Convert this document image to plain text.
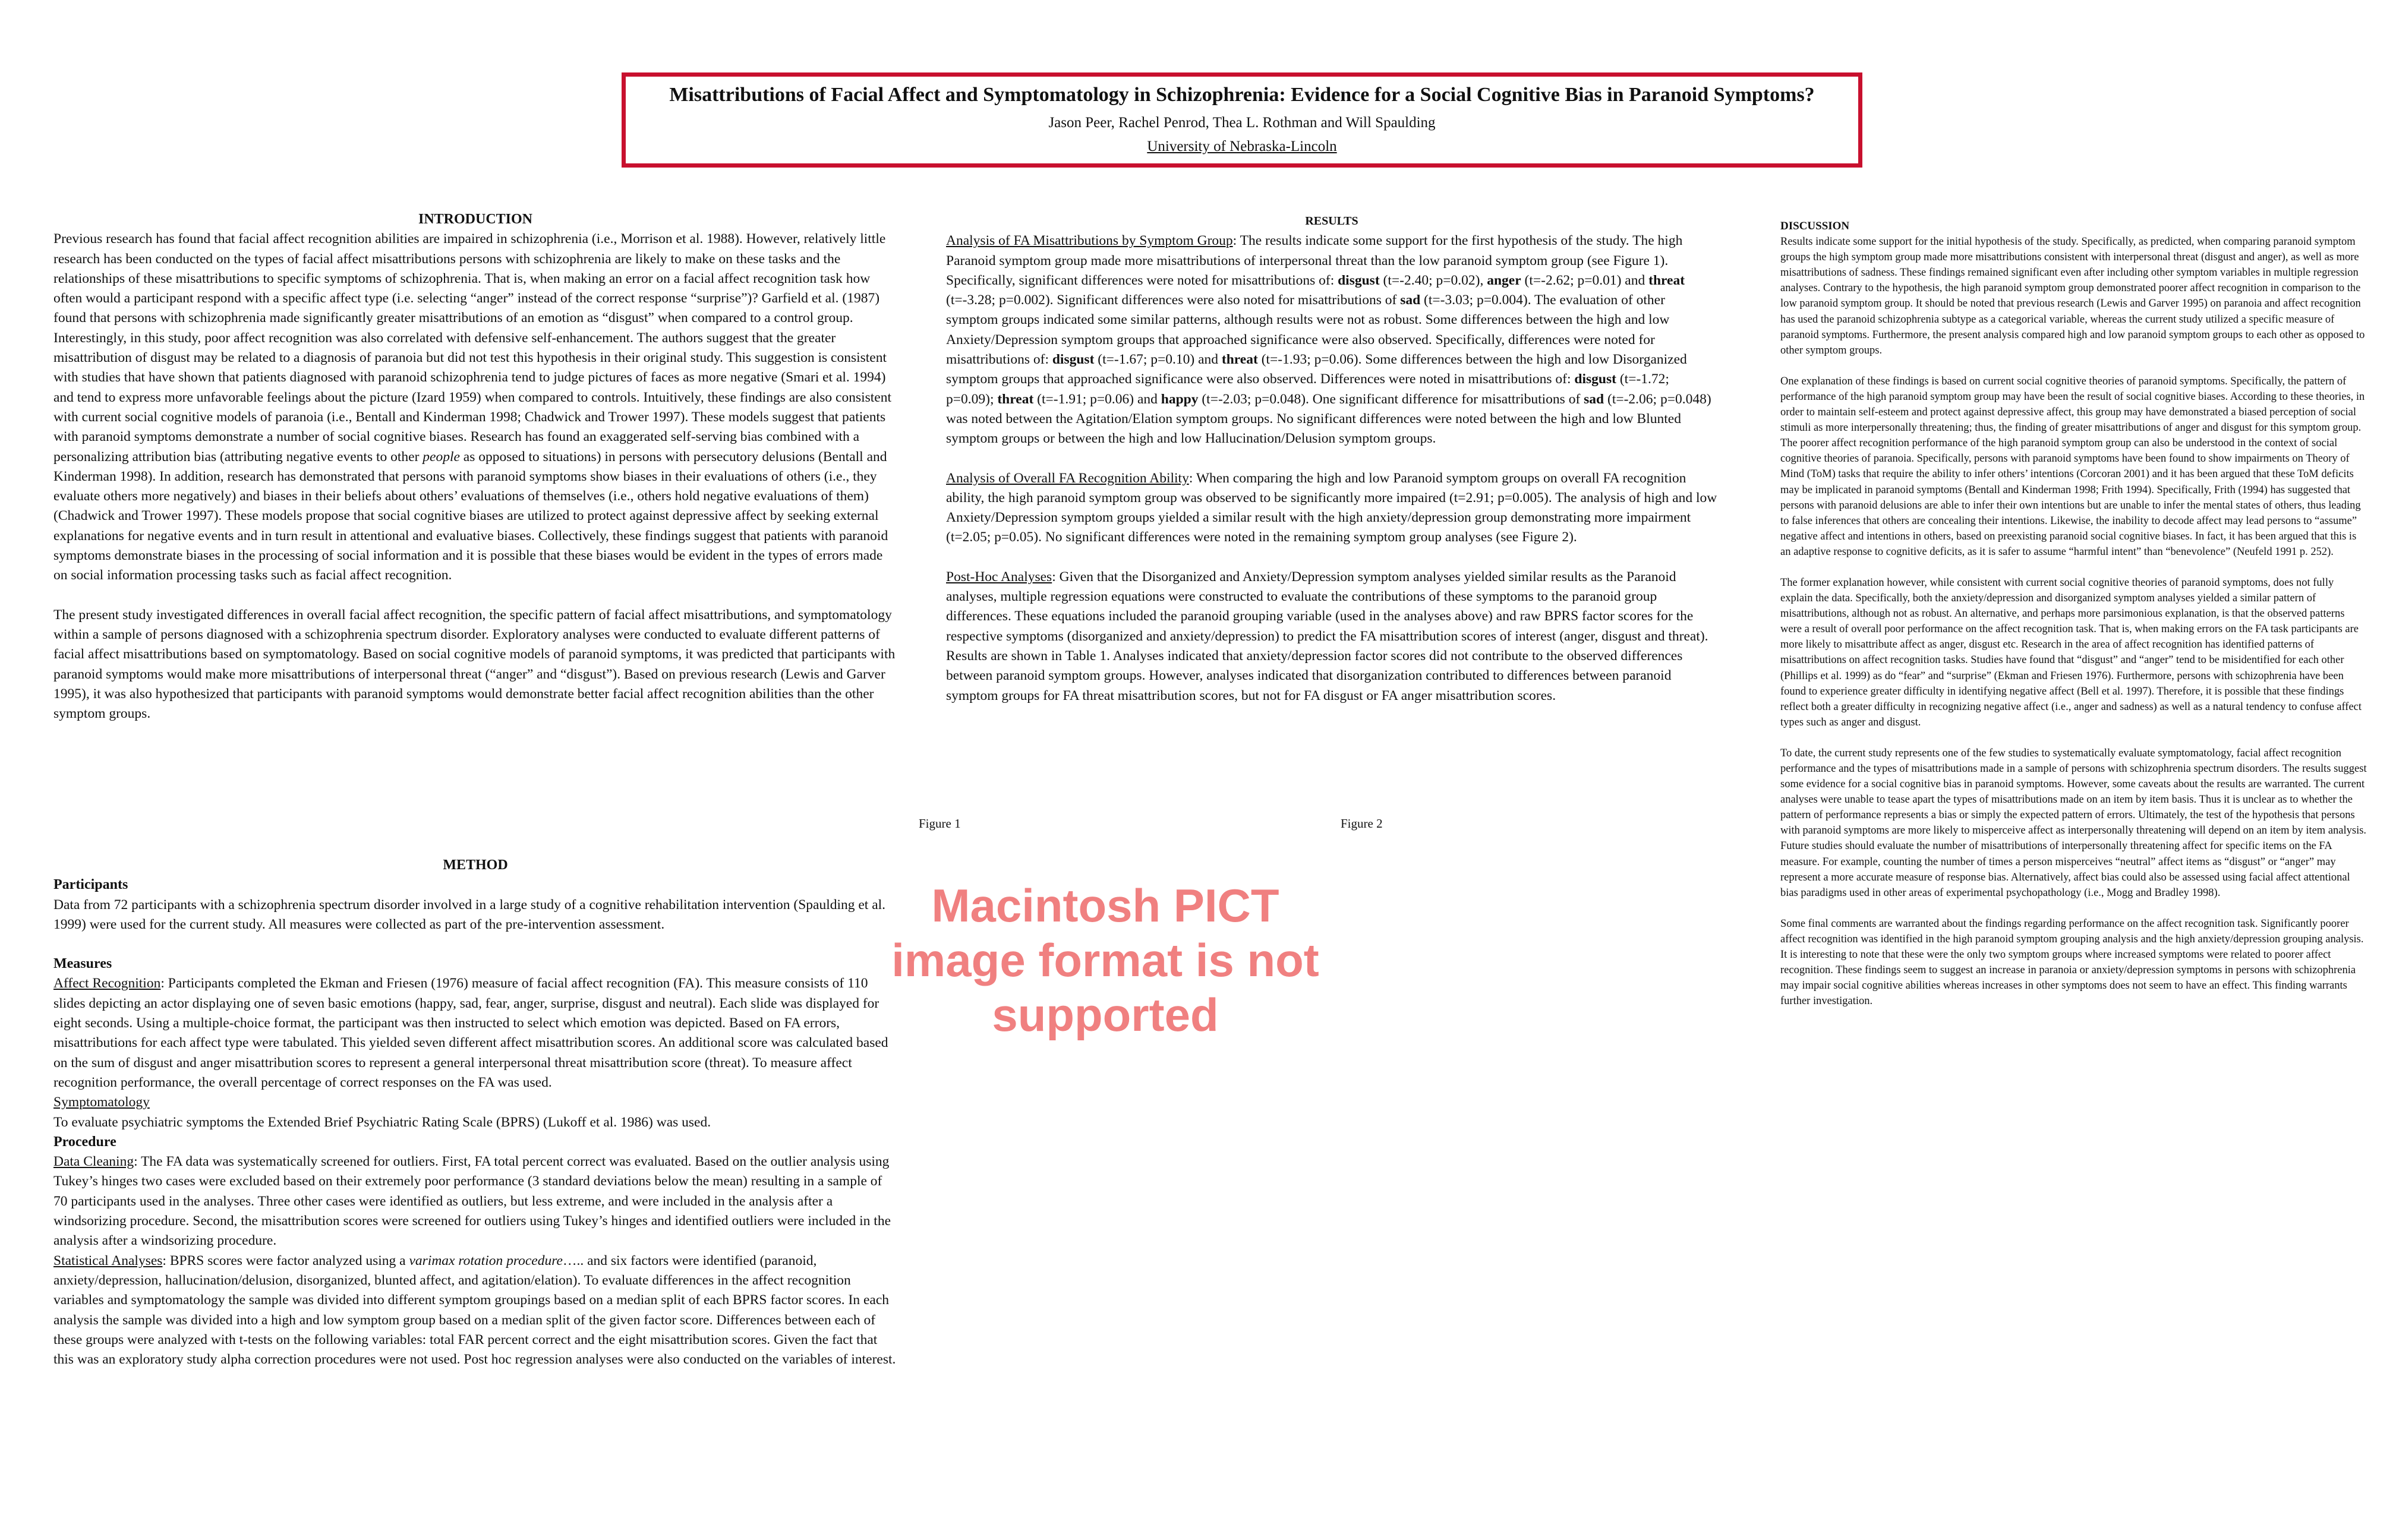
Misattributions of Facial Affect and Symptomatology in Schizophrenia: Evidence for a Social Cognitive Bias in Paranoid Symptoms?
Jason Peer, Rachel Penrod, Thea L. Rothman and Will Spaulding
University of Nebraska-Lincoln
INTRODUCTION

Previous research has found that facial affect recognition abilities are impaired in schizophrenia (i.e., Morrison et al. 1988). However, relatively little research has been conducted on the types of facial affect misattributions persons with schizophrenia are likely to make on these tasks and the relationships of these misattributions to specific symptoms of schizophrenia. That is, when making an error on a facial affect recognition task how often would a participant respond with a specific affect type (i.e. selecting “anger” instead of the correct response “surprise”)? Garfield et al. (1987) found that persons with schizophrenia made significantly greater misattributions of an emotion as “disgust” when compared to a control group. Interestingly, in this study, poor affect recognition was also correlated with defensive self-enhancement. The authors suggest that the greater misattribution of disgust may be related to a diagnosis of paranoia but did not test this hypothesis in their original study. This suggestion is consistent with studies that have shown that patients diagnosed with paranoid schizophrenia tend to judge pictures of faces as more negative (Smari et al. 1994) and tend to express more unfavorable feelings about the picture (Izard 1959) when compared to controls. Intuitively, these findings are also consistent with current social cognitive models of paranoia (i.e., Bentall and Kinderman 1998; Chadwick and Trower 1997). These models suggest that patients with paranoid symptoms demonstrate a number of social cognitive biases. Research has found an exaggerated self-serving bias combined with a personalizing attribution bias (attributing negative events to other people as opposed to situations) in persons with persecutory delusions (Bentall and Kinderman 1998). In addition, research has demonstrated that persons with paranoid symptoms show biases in their evaluations of others (i.e., they evaluate others more negatively) and biases in their beliefs about others’ evaluations of themselves (i.e., others hold negative evaluations of them) (Chadwick and Trower 1997). These models propose that social cognitive biases are utilized to protect against depressive affect by seeking external explanations for negative events and in turn result in attentional and evaluative biases. Collectively, these findings suggest that patients with paranoid symptoms demonstrate biases in the processing of social information and it is possible that these biases would be evident in the types of errors made on social information processing tasks such as facial affect recognition.

The present study investigated differences in overall facial affect recognition, the specific pattern of facial affect misattributions, and symptomatology within a sample of persons diagnosed with a schizophrenia spectrum disorder. Exploratory analyses were conducted to evaluate different patterns of facial affect misattributions based on symptomatology. Based on social cognitive models of paranoid symptoms, it was predicted that participants with paranoid symptoms would make more misattributions of interpersonal threat (“anger” and “disgust”). Based on previous research (Lewis and Garver 1995), it was also hypothesized that participants with paranoid symptoms would demonstrate better facial affect recognition abilities than the other symptom groups.

METHOD
Participants

Data from 72 participants with a schizophrenia spectrum disorder involved in a large study of a cognitive rehabilitation intervention (Spaulding et al. 1999) were used for the current study. All measures were collected as part of the pre-intervention assessment.

Measures

Affect Recognition: Participants completed the Ekman and Friesen (1976) measure of facial affect recognition (FA). This measure consists of 110 slides depicting an actor displaying one of seven basic emotions (happy, sad, fear, anger, surprise, disgust and neutral). Each slide was displayed for eight seconds. Using a multiple-choice format, the participant was then instructed to select which emotion was depicted. Based on FA errors, misattributions for each affect type were tabulated. This yielded seven different affect misattribution scores. An additional score was calculated based on the sum of disgust and anger misattribution scores to represent a general interpersonal threat misattribution score (threat). To measure affect recognition performance, the overall percentage of correct responses on the FA was used.

Symptomatology

To evaluate psychiatric symptoms the Extended Brief Psychiatric Rating Scale (BPRS) (Lukoff et al. 1986) was used.

Procedure

Data Cleaning: The FA data was systematically screened for outliers. First, FA total percent correct was evaluated. Based on the outlier analysis using Tukey’s hinges two cases were excluded based on their extremely poor performance (3 standard deviations below the mean) resulting in a sample of 70 participants used in the analyses. Three other cases were identified as outliers, but less extreme, and were included in the analysis after a windsorizing procedure. Second, the misattribution scores were screened for outliers using Tukey’s hinges and identified outliers were included in the analysis after a windsorizing procedure.

Statistical Analyses: BPRS scores were factor analyzed using a varimax rotation procedure….. and six factors were identified (paranoid, anxiety/depression, hallucination/delusion, disorganized, blunted affect, and agitation/elation). To evaluate differences in the affect recognition variables and symptomatology the sample was divided into different symptom groupings based on a median split of each BPRS factor scores. In each analysis the sample was divided into a high and low symptom group based on a median split of the given factor score. Differences between each of these groups were analyzed with t-tests on the following variables: total FAR percent correct and the eight misattribution scores. Given the fact that this was an exploratory study alpha correction procedures were not used. Post hoc regression analyses were also conducted on the variables of interest.

RESULTS

Analysis of FA Misattributions by Symptom Group: The results indicate some support for the first hypothesis of the study. The high Paranoid symptom group made more misattributions of interpersonal threat than the low paranoid symptom group (see Figure 1). Specifically, significant differences were noted for misattributions of: disgust (t=-2.40; p=0.02), anger (t=-2.62; p=0.01) and threat (t=-3.28; p=0.002). Significant differences were also noted for misattributions of sad (t=-3.03; p=0.004). The evaluation of other symptom groups indicated some similar patterns, although results were not as robust. Some differences between the high and low Anxiety/Depression symptom groups that approached significance were also observed. Specifically, differences were noted for misattributions of: disgust (t=-1.67; p=0.10) and threat (t=-1.93; p=0.06). Some differences between the high and low Disorganized symptom groups that approached significance were also observed. Differences were noted in misattributions of: disgust (t=-1.72; p=0.09); threat (t=-1.91; p=0.06) and happy (t=-2.03; p=0.048). One significant difference for misattributions of sad (t=-2.06; p=0.048) was noted between the Agitation/Elation symptom groups. No significant differences were noted between the high and low Blunted symptom groups or between the high and low Hallucination/Delusion symptom groups.

Analysis of Overall FA Recognition Ability: When comparing the high and low Paranoid symptom groups on overall FA recognition ability, the high paranoid symptom group was observed to be significantly more impaired (t=2.91; p=0.005). The analysis of high and low Anxiety/Depression symptom groups yielded a similar result with the high anxiety/depression group demonstrating more impairment (t=2.05; p=0.05). No significant differences were noted in the remaining symptom group analyses (see Figure 2).

Post-Hoc Analyses: Given that the Disorganized and Anxiety/Depression symptom analyses yielded similar results as the Paranoid analyses, multiple regression equations were constructed to evaluate the contributions of these symptoms to the paranoid group differences. These equations included the paranoid grouping variable (used in the analyses above) and raw BPRS factor scores for the respective symptoms (disorganized and anxiety/depression) to predict the FA misattribution scores of interest (anger, disgust and threat). Results are shown in Table 1. Analyses indicated that anxiety/depression factor scores did not contribute to the observed differences between paranoid symptom groups. However, analyses indicated that disorganization contributed to differences between paranoid symptom groups for FA threat misattribution scores, but not for FA disgust or FA anger misattribution scores.

Figure 1	Figure 2
Macintosh PICT image format is not supported
DISCUSSION

Results indicate some support for the initial hypothesis of the study. Specifically, as predicted, when comparing paranoid symptom groups the high symptom group made more misattributions consistent with interpersonal threat (disgust and anger), as well as more misattributions of sadness. These findings remained significant even after including other symptom variables in multiple regression analyses. Contrary to the hypothesis, the high paranoid symptom group demonstrated poorer affect recognition in comparison to the low paranoid symptom group. It should be noted that previous research (Lewis and Garver 1995) on paranoia and affect recognition has used the paranoid schizophrenia subtype as a categorical variable, whereas the current study utilized a specific measure of paranoid symptoms. Furthermore, the present analysis compared high and low paranoid symptom groups to each other as opposed to other symptom groups.

One explanation of these findings is based on current social cognitive theories of paranoid symptoms. Specifically, the pattern of performance of the high paranoid symptom group may have been the result of social cognitive biases. According to these theories, in order to maintain self-esteem and protect against depressive affect, this group may have demonstrated a biased perception of social stimuli as more interpersonally threatening; thus, the finding of greater misattributions of anger and disgust for this symptom group. The poorer affect recognition performance of the high paranoid symptom group can also be understood in the context of social cognitive theories of paranoia. Specifically, persons with paranoid symptoms have been found to show impairments on Theory of Mind (ToM) tasks that require the ability to infer others’ intentions (Corcoran 2001) and it has been argued that these ToM deficits may be implicated in paranoid symptoms (Bentall and Kinderman 1998; Frith 1994). Specifically, Frith (1994) has suggested that persons with paranoid delusions are able to infer their own intentions but are unable to infer the mental states of others, thus leading to false inferences that others are concealing their intentions. Likewise, the inability to decode affect may lead persons to “assume” negative affect and intentions in others, based on preexisting paranoid social cognitive biases. In fact, it has been argued that this is an adaptive response to cognitive deficits, as it is safer to assume “harmful intent” than “benevolence” (Neufeld 1991 p. 252).

The former explanation however, while consistent with current social cognitive theories of paranoid symptoms, does not fully explain the data. Specifically, both the anxiety/depression and disorganized symptom analyses yielded a similar pattern of misattributions, although not as robust. An alternative, and perhaps more parsimonious explanation, is that the observed patterns were a result of overall poor performance on the affect recognition task. That is, when making errors on the FA task participants are more likely to misattribute affect as anger, disgust etc. Research in the area of affect recognition has identified patterns of misattributions on affect recognition tasks. Studies have found that “disgust” and “anger” tend to be misidentified for each other (Phillips et al. 1999) as do “fear” and “surprise” (Ekman and Friesen 1976). Furthermore, persons with schizophrenia have been found to experience greater difficulty in identifying negative affect (Bell et al. 1997). Therefore, it is possible that these findings reflect both a greater difficulty in recognizing negative affect (i.e., anger and sadness) as well as a natural tendency to confuse affect types such as anger and disgust.

To date, the current study represents one of the few studies to systematically evaluate symptomatology, facial affect recognition performance and the types of misattributions made in a sample of persons with schizophrenia spectrum disorders. The results suggest some evidence for a social cognitive bias in paranoid symptoms. However, some caveats about the results are warranted. The current analyses were unable to tease apart the types of misattributions made on an item by item basis. Thus it is unclear as to whether the pattern of performance represents a bias or simply the expected pattern of errors. Ultimately, the test of the hypothesis that persons with paranoid symptoms are more likely to misperceive affect as interpersonally threatening will depend on an item by item analysis. Future studies should evaluate the number of misattributions of interpersonally threatening affect for specific items on the FA measure. For example, counting the number of times a person misperceives “neutral” affect items as “disgust” or “anger” may represent a more accurate measure of response bias. Alternatively, affect bias could also be assessed using facial affect attentional bias paradigms used in other areas of experimental psychopathology (i.e., Mogg and Bradley 1998).

Some final comments are warranted about the findings regarding performance on the affect recognition task. Significantly poorer affect recognition was identified in the high paranoid symptom grouping analysis and the high anxiety/depression grouping analysis. It is interesting to note that these were the only two symptom groups where increased symptoms were related to poorer affect recognition. These findings seem to suggest an increase in paranoia or anxiety/depression symptoms in persons with schizophrenia may impair social cognitive abilities whereas increases in other symptoms does not seem to have an effect. This finding warrants further investigation.
